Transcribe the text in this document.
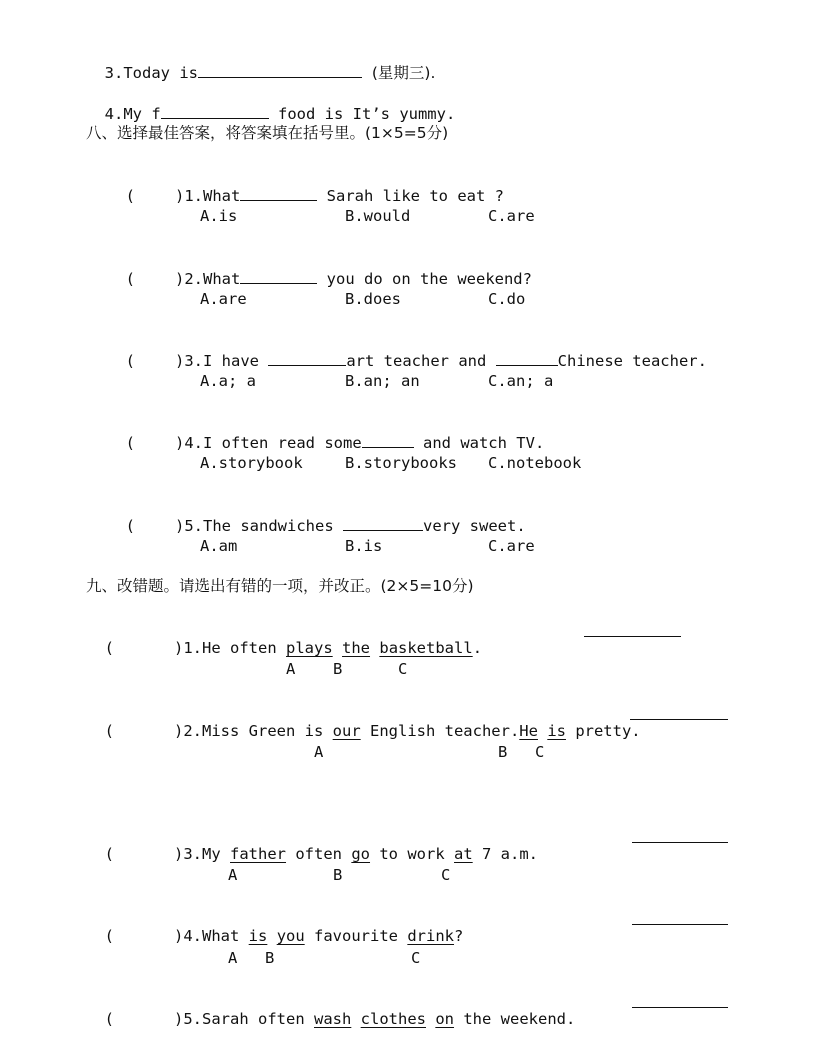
3.Today is	(星期三).

4.My f	food is It’s yummy.

八、选择最佳答案，将答案填在括号里。(1×5=5分)

(	)1.What	Sarah like to eat ?

A.is	B.would	C.are

(	)2.What	you do on the weekend?

A.are	B.does	C.do

(	)3.I have	art teacher and	Chinese teacher.

A.a; a	B.an; an	C.an; a

(	)4.I often read some	and watch TV.

A.storybook	B.storybooks C.notebook

(	)5.The sandwiches	very sweet.

A.am	B.is	C.are
九、改错题。请选出有错的一项，并改正。(2×5=10分)

(	)1.He often plays the basketball.

A B	C

(	)2.Miss Green is our English teacher.He is pretty.

A	B C

(	)3.My father often go to work at 7 a.m.

A	B	C

(	)4.What is you favourite drink?

A B	C

(	)5.Sarah often wash clothes on the weekend.
